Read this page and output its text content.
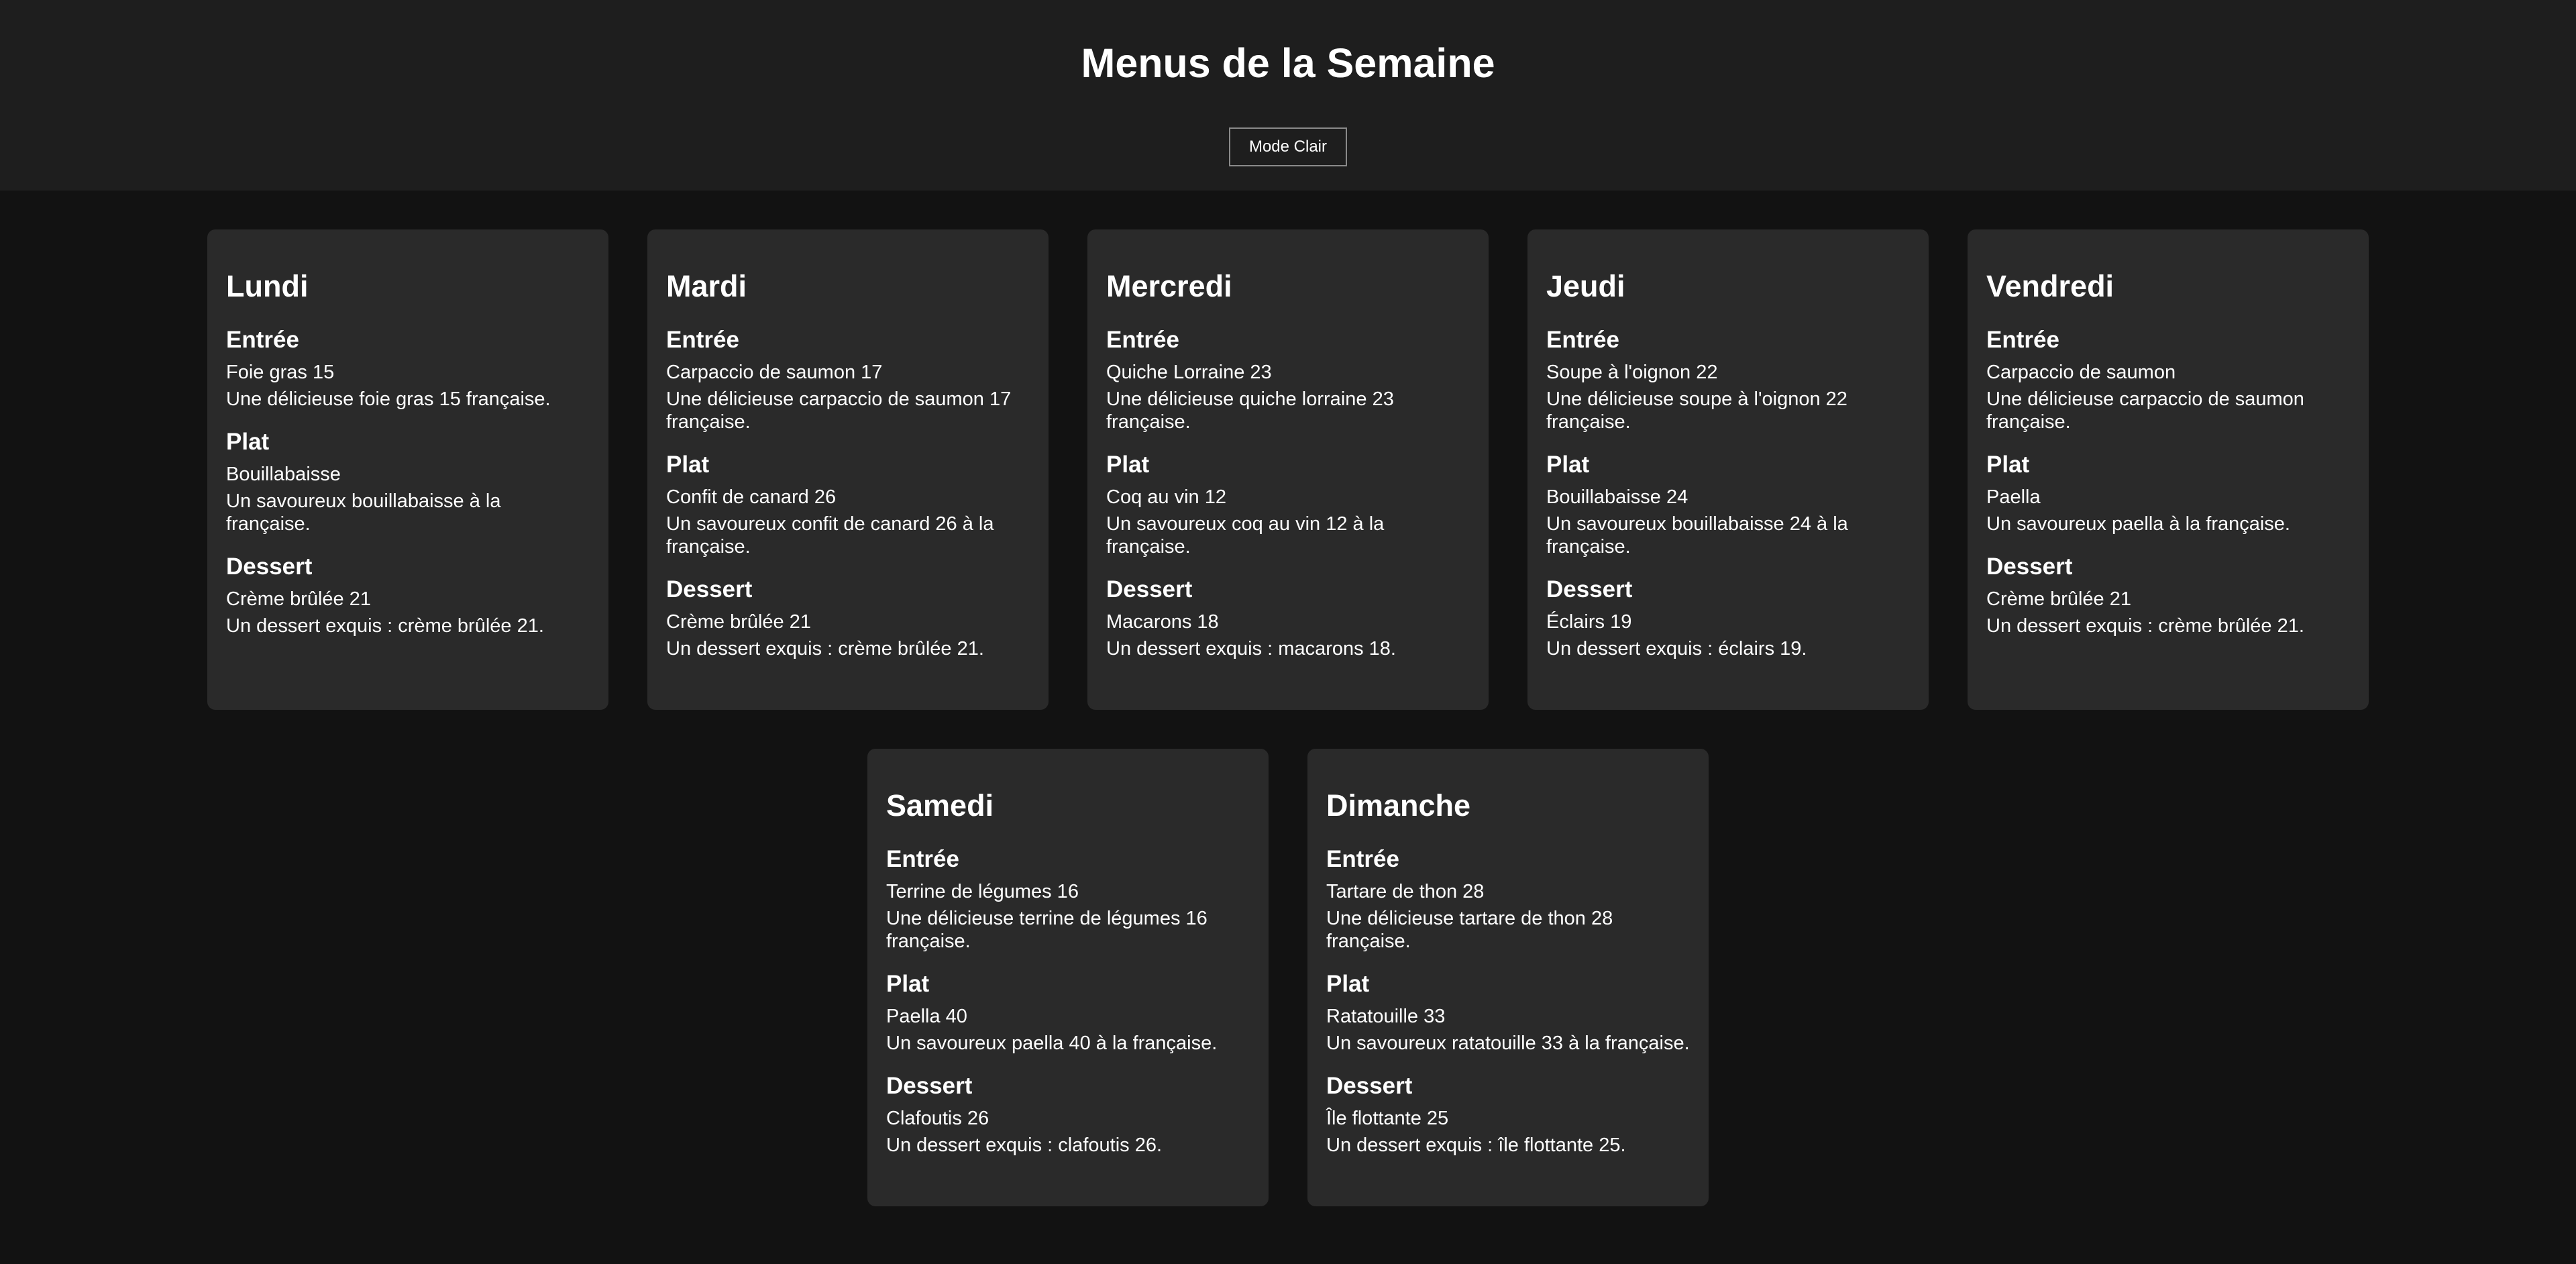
Menus de la Semaine
Mode Clair
Lundi
Entrée

Foie gras 15

Une délicieuse foie gras 15 française.

Plat

Bouillabaisse

Un savoureux bouillabaisse à la française.

Dessert

Crème brûlée 21

Un dessert exquis : crème brûlée 21.

Mardi
Entrée

Carpaccio de saumon 17

Une délicieuse carpaccio de saumon 17 française.

Plat

Confit de canard 26

Un savoureux confit de canard 26 à la française.

Dessert

Crème brûlée 21

Un dessert exquis : crème brûlée 21.

Mercredi
Entrée

Quiche Lorraine 23

Une délicieuse quiche lorraine 23 française.

Plat

Coq au vin 12

Un savoureux coq au vin 12 à la française.

Dessert

Macarons 18

Un dessert exquis : macarons 18.

Jeudi
Entrée

Soupe à l'oignon 22

Une délicieuse soupe à l'oignon 22 française.

Plat

Bouillabaisse 24

Un savoureux bouillabaisse 24 à la française.

Dessert

Éclairs 19

Un dessert exquis : éclairs 19.

Vendredi
Entrée

Carpaccio de saumon

Une délicieuse carpaccio de saumon française.

Plat

Paella

Un savoureux paella à la française.

Dessert

Crème brûlée 21

Un dessert exquis : crème brûlée 21.

Samedi
Entrée

Terrine de légumes 16

Une délicieuse terrine de légumes 16 française.

Plat

Paella 40

Un savoureux paella 40 à la française.

Dessert

Clafoutis 26

Un dessert exquis : clafoutis 26.

Dimanche
Entrée

Tartare de thon 28

Une délicieuse tartare de thon 28 française.

Plat

Ratatouille 33

Un savoureux ratatouille 33 à la française.

Dessert

Île flottante 25

Un dessert exquis : île flottante 25.
